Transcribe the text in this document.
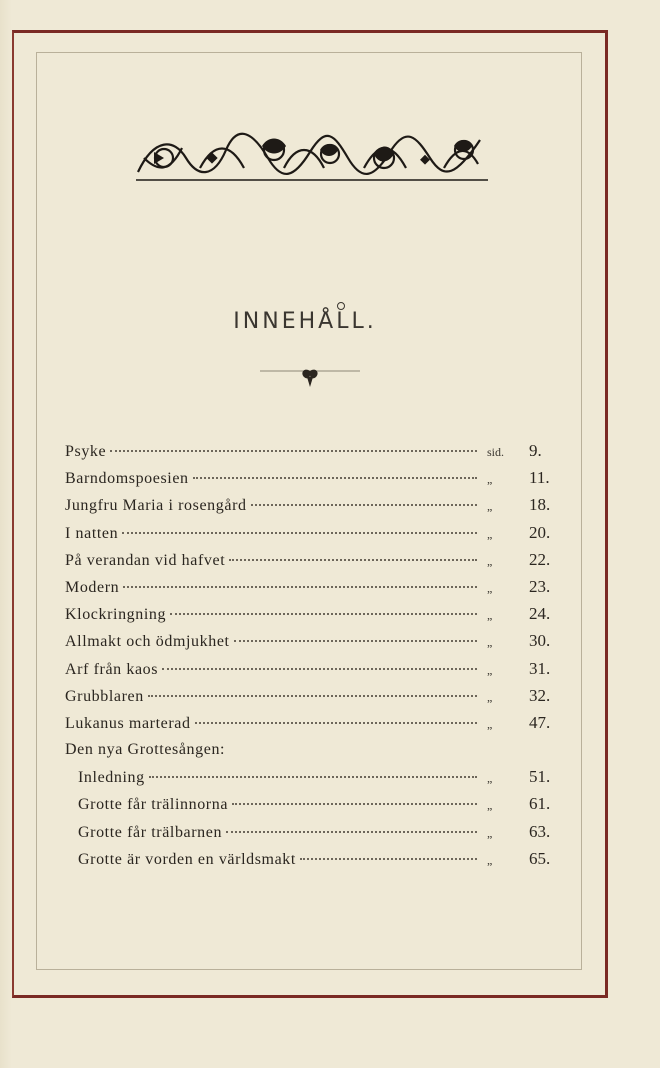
INNEHÅLL.
Psyke	sid.	9.
Barndomspoesien	„	11.
Jungfru Maria i rosengård	„	18.
I natten	„	20.
På verandan vid hafvet	„	22.
Modern	„	23.
Klockringning	„	24.
Allmakt och ödmjukhet	„	30.
Arf från kaos	„	31.
Grubblaren	„	32.
Lukanus marterad	„	47.
Den nya Grottesången:
Inledning	„	51.
Grotte får trälinnorna	„	61.
Grotte får trälbarnen	„	63.
Grotte är vorden en världsmakt	„	65.
